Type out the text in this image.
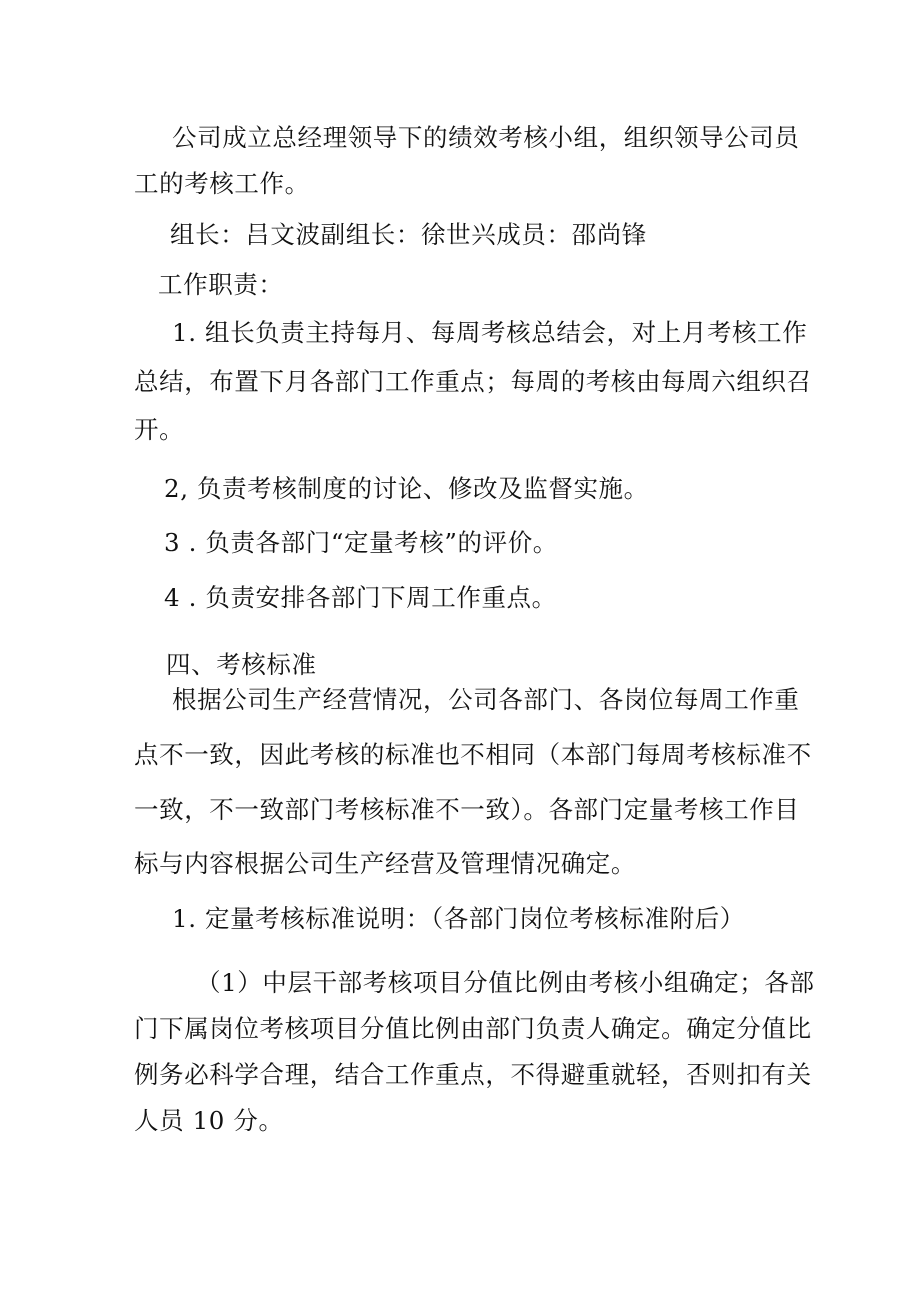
公司成立总经理领导下的绩效考核小组，组织领导公司员
工的考核工作。
组长：吕文波副组长：徐世兴成员：邵尚锋
工作职责：
1. 组长负责主持每月、每周考核总结会，对上月考核工作
总结，布置下月各部门工作重点；每周的考核由每周六组织召
开。
2, 负责考核制度的讨论、修改及监督实施。
3 . 负责各部门“定量考核”的评价。
4 . 负责安排各部门下周工作重点。
四、考核标准
根据公司生产经营情况，公司各部门、各岗位每周工作重
点不一致，因此考核的标准也不相同（本部门每周考核标准不
一致，不一致部门考核标准不一致）。各部门定量考核工作目
标与内容根据公司生产经营及管理情况确定。
1. 定量考核标准说明：（各部门岗位考核标准附后）
（1）中层干部考核项目分值比例由考核小组确定；各部
门下属岗位考核项目分值比例由部门负责人确定。确定分值比
例务必科学合理，结合工作重点，不得避重就轻，否则扣有关
人员 10 分。
